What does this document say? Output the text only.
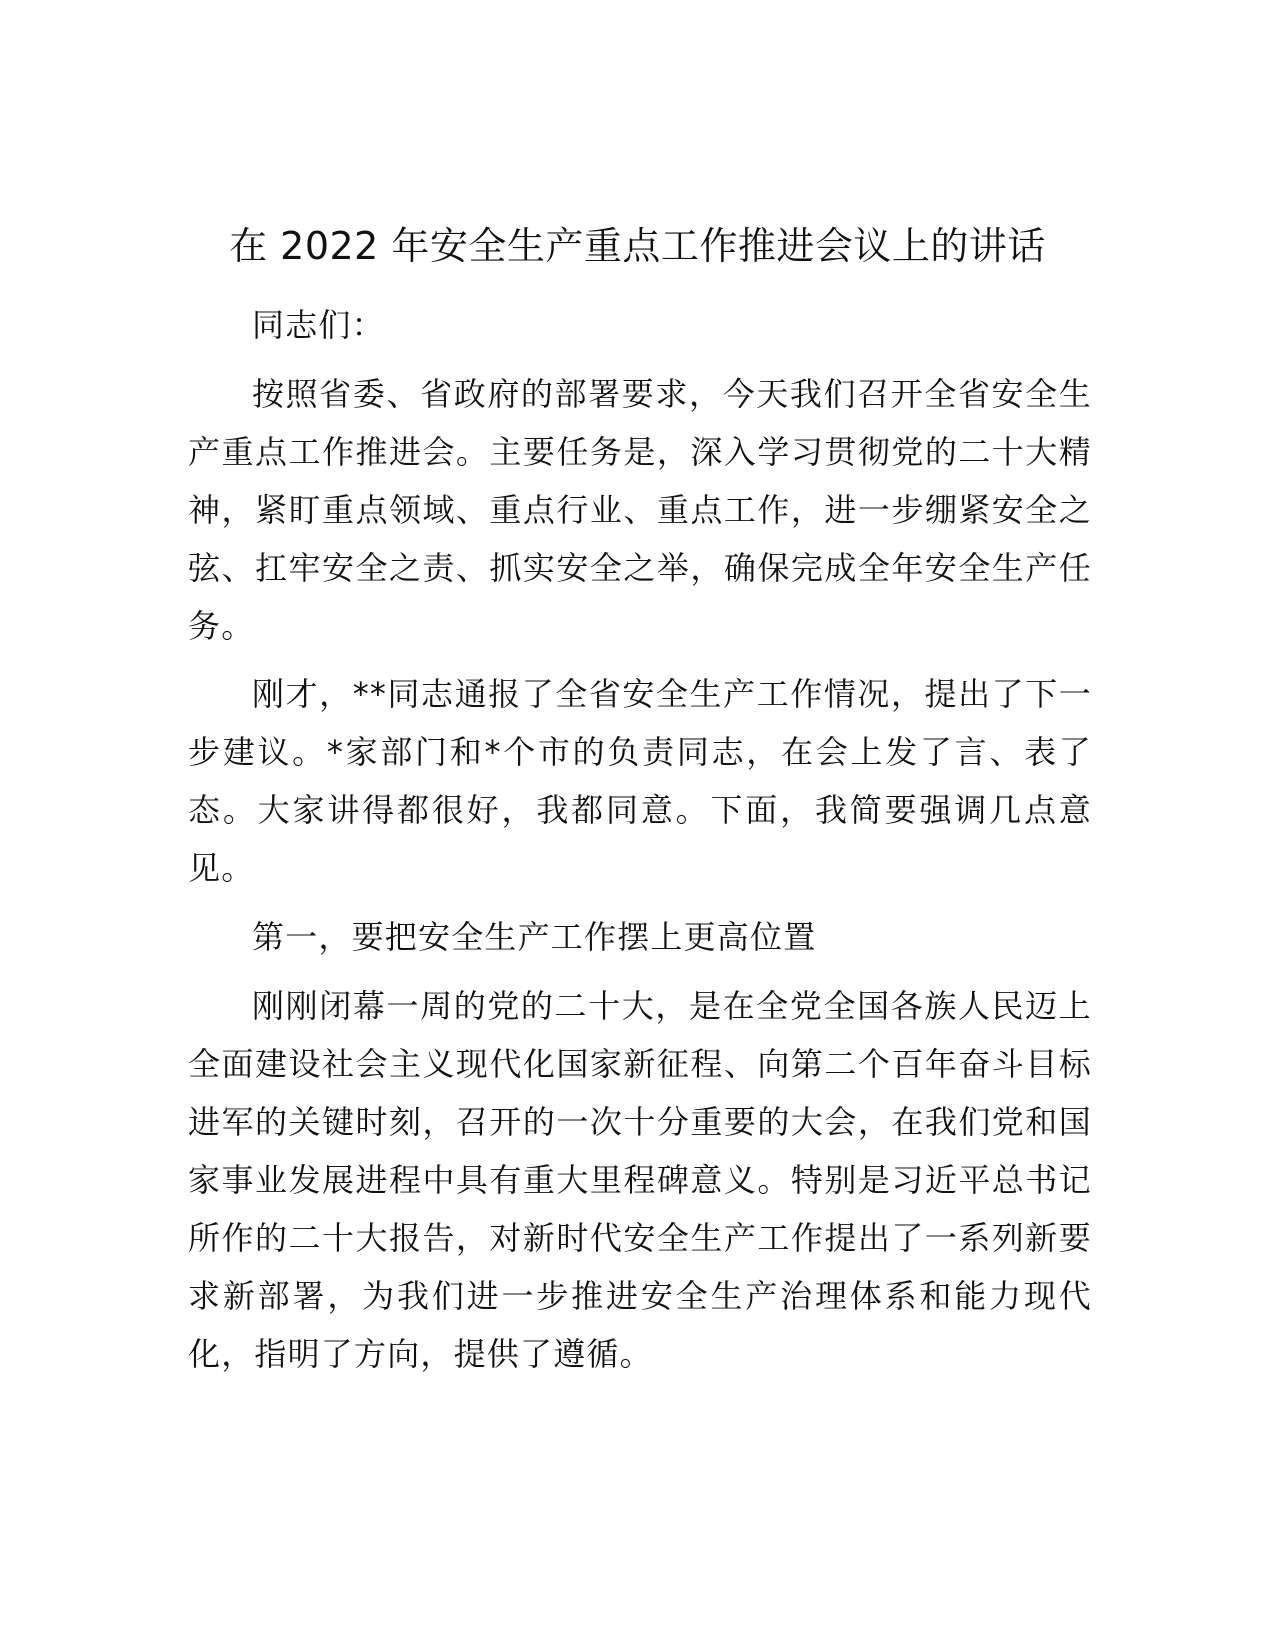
在 2022 年安全生产重点工作推进会议上的讲话

同志们：

按照省委、省政府的部署要求，今天我们召开全省安全生产重点工作推进会。主要任务是，深入学习贯彻党的二十大精神，紧盯重点领域、重点行业、重点工作，进一步绷紧安全之弦、扛牢安全之责、抓实安全之举，确保完成全年安全生产任务。

刚才，**同志通报了全省安全生产工作情况，提出了下一步建议。*家部门和*个市的负责同志，在会上发了言、表了态。大家讲得都很好，我都同意。下面，我简要强调几点意见。

第一，要把安全生产工作摆上更高位置

刚刚闭幕一周的党的二十大，是在全党全国各族人民迈上全面建设社会主义现代化国家新征程、向第二个百年奋斗目标进军的关键时刻，召开的一次十分重要的大会，在我们党和国家事业发展进程中具有重大里程碑意义。特别是习近平总书记所作的二十大报告，对新时代安全生产工作提出了一系列新要求新部署，为我们进一步推进安全生产治理体系和能力现代化，指明了方向，提供了遵循。
